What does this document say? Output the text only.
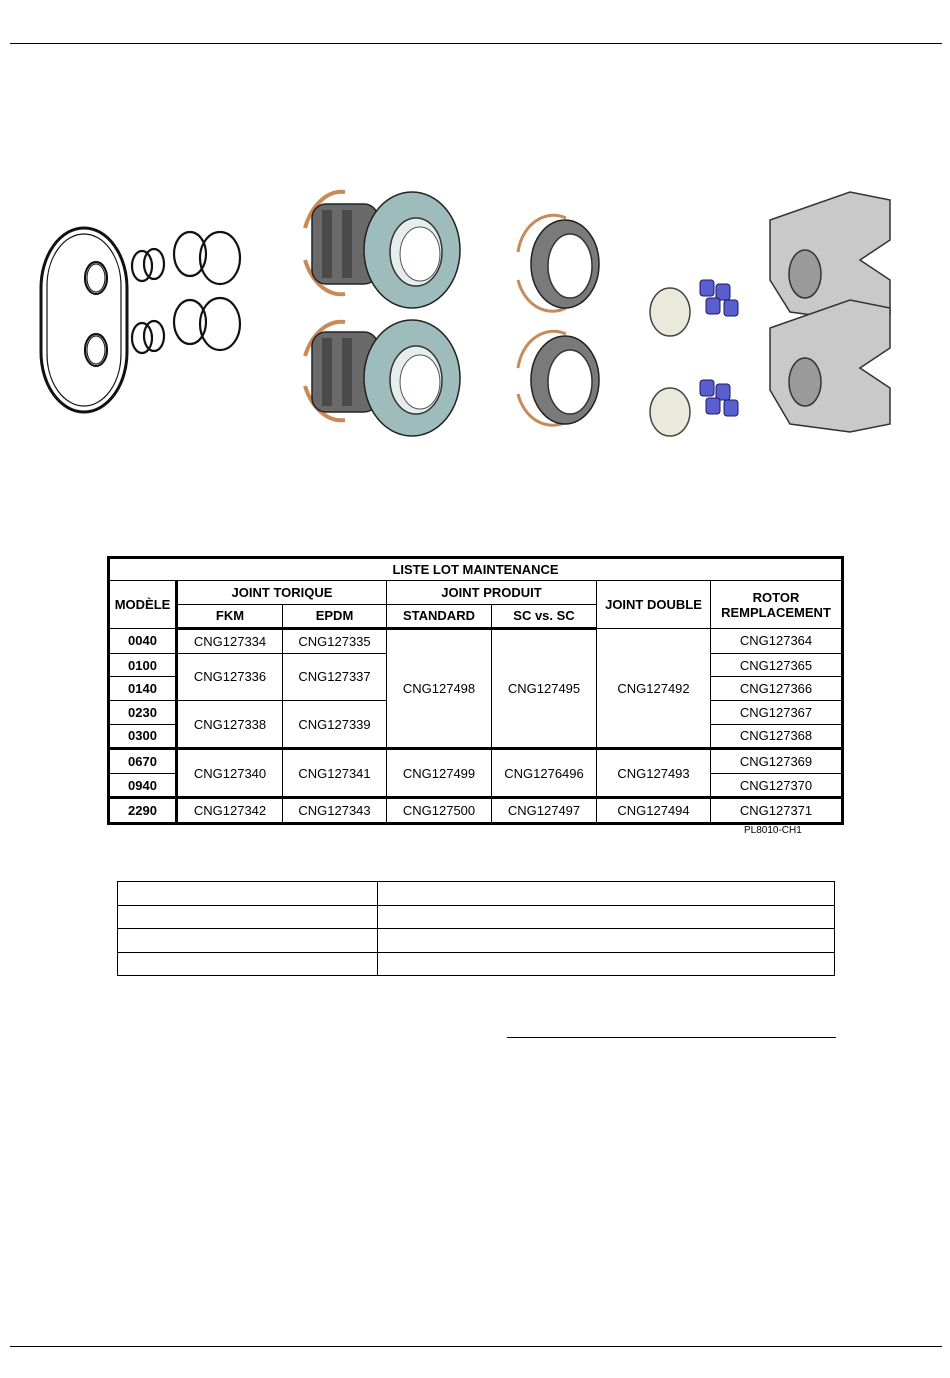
LISTE LOT MAINTENANCE						
MODÈLE	JOINT TORIQUE		JOINT PRODUIT		JOINT DOUBLE	ROTOR
REMPLACEMENT
	FKM	EPDM	STANDARD	SC vs. SC		
0040	CNG127334	CNG127335	CNG127498	CNG127495	CNG127492	CNG127364
0100	CNG127336	CNG127337				CNG127365
0140						CNG127366
0230	CNG127338	CNG127339				CNG127367
0300						CNG127368
0670	CNG127340	CNG127341	CNG127499	CNG1276496	CNG127493	CNG127369
0940						CNG127370
2290	CNG127342	CNG127343	CNG127500	CNG127497	CNG127494	CNG127371
PL8010-CH1
